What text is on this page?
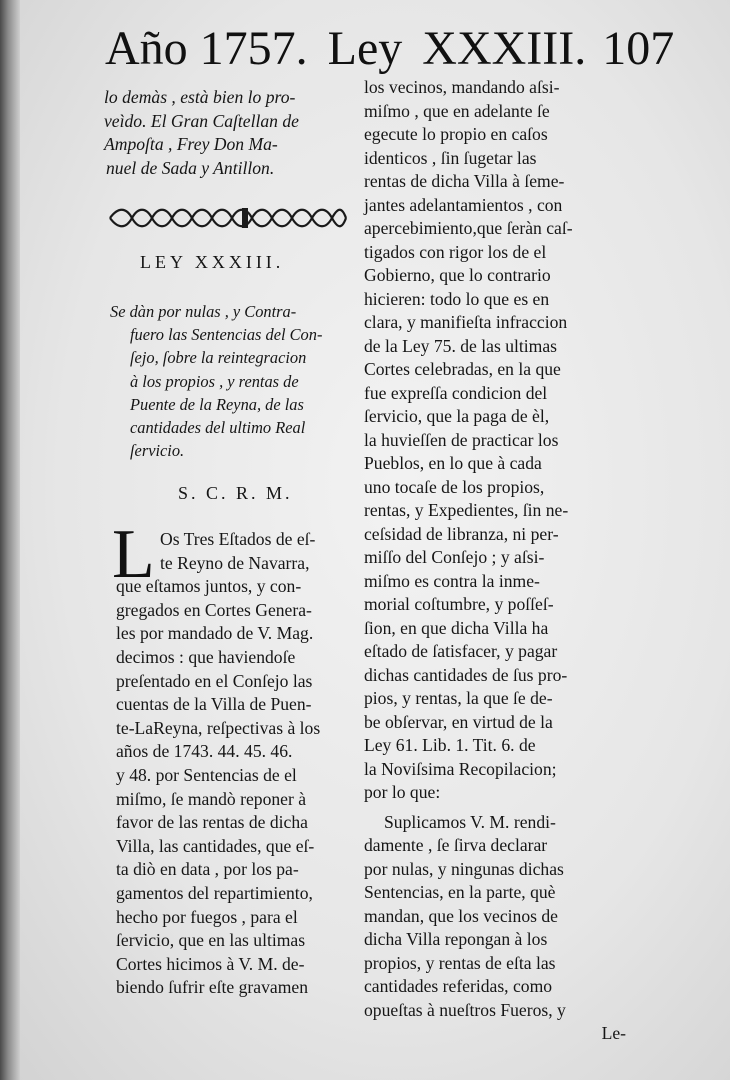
Año 1757. Ley XXXIII. 107
lo demàs , està bien lo pro-
veìdo. El Gran Caſtellan de
Ampoſta , Frey Don Ma-
nuel de Sada y Antillon.
LEY XXXIII.
Se dàn por nulas , y Contra-
fuero las Sentencias del Con-
ſejo, ſobre la reintegracion
à los propios , y rentas de
Puente de la Reyna, de las
cantidades del ultimo Real
ſervicio.
S. C. R. M.
L Os Tres Eſtados de eſ-
te Reyno de Navarra,
que eſtamos juntos, y con-
gregados en Cortes Genera-
les por mandado de V. Mag.
decimos : que haviendoſe
preſentado en el Conſejo las
cuentas de la Villa de Puen-
te-LaReyna, reſpectivas à los
años de 1743. 44. 45. 46.
y 48. por Sentencias de el
miſmo, ſe mandò reponer à
favor de las rentas de dicha
Villa, las cantidades, que eſ-
ta diò en data , por los pa-
gamentos del repartimiento,
hecho por fuegos , para el
ſervicio, que en las ultimas
Cortes hicimos à V. M. de-
biendo ſufrir eſte gravamen
los vecinos, mandando aſsi-
miſmo , que en adelante ſe
egecute lo propio en caſos
identicos , ſin ſugetar las
rentas de dicha Villa à ſeme-
jantes adelantamientos , con
apercebimiento,que ſeràn caſ-
tigados con rigor los de el
Gobierno, que lo contrario
hicieren: todo lo que es en
clara, y manifieſta infraccion
de la Ley 75. de las ultimas
Cortes celebradas, en la que
fue expreſſa condicion del
ſervicio, que la paga de èl,
la huvieſſen de practicar los
Pueblos, en lo que à cada
uno tocaſe de los propios,
rentas, y Expedientes, ſin ne-
ceſsidad de libranza, ni per-
miſſo del Conſejo ; y aſsi-
miſmo es contra la inme-
morial coſtumbre, y poſſeſ-
ſion, en que dicha Villa ha
eſtado de ſatisfacer, y pagar
dichas cantidades de ſus pro-
pios, y rentas, la que ſe de-
be obſervar, en virtud de la
Ley 61. Lib. 1. Tit. 6. de
la Noviſsima Recopilacion;
por lo que:
Suplicamos V. M. rendi-
damente , ſe ſirva declarar
por nulas, y ningunas dichas
Sentencias, en la parte, què
mandan, que los vecinos de
dicha Villa repongan à los
propios, y rentas de eſta las
cantidades referidas, como
opueſtas à nueſtros Fueros, y
Le-
